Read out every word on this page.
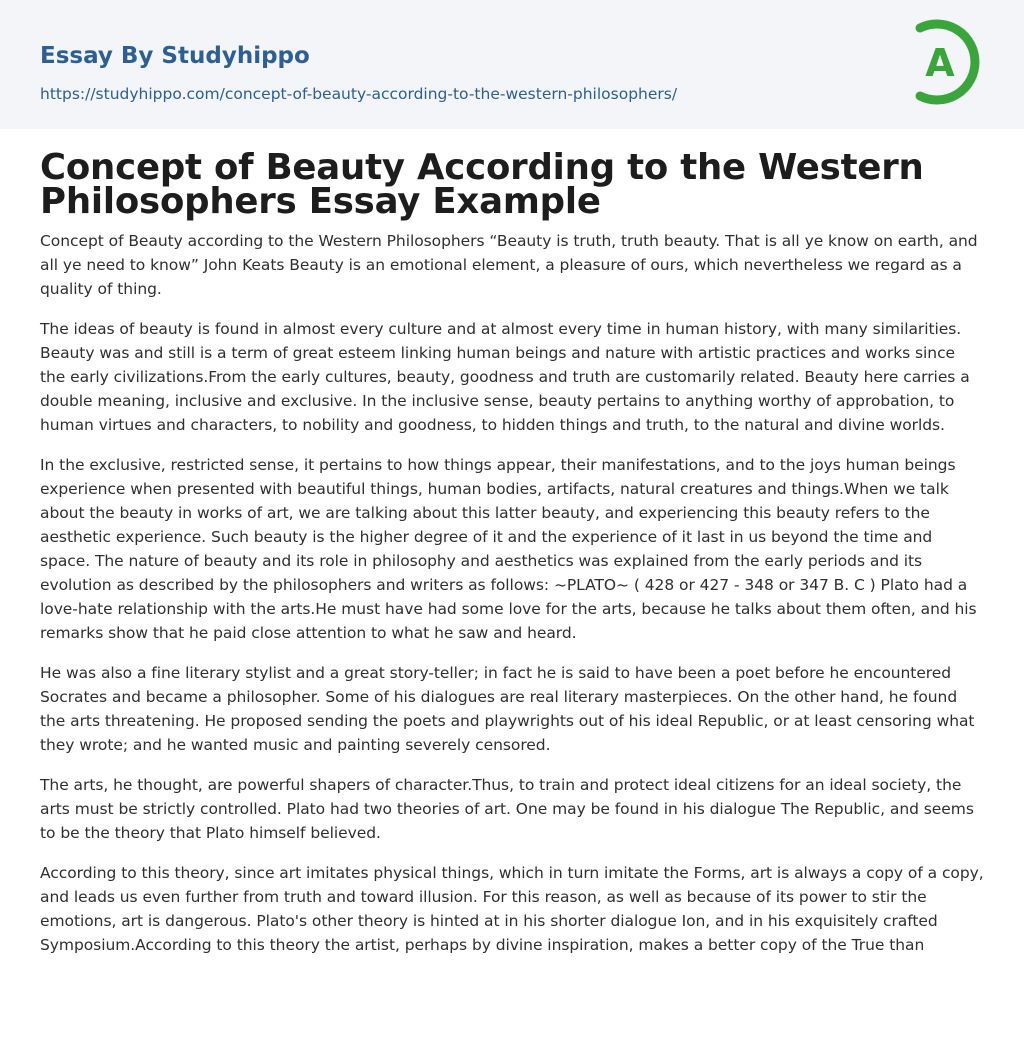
Essay By Studyhippo
https://studyhippo.com/concept-of-beauty-according-to-the-western-philosophers/
A
Concept of Beauty According to the Western Philosophers Essay Example

Concept of Beauty according to the Western Philosophers “Beauty is truth, truth beauty. That is all ye know on earth, and all ye need to know” John Keats Beauty is an emotional element, a pleasure of ours, which nevertheless we regard as a quality of thing.

The ideas of beauty is found in almost every culture and at almost every time in human history, with many similarities. Beauty was and still is a term of great esteem linking human beings and nature with artistic practices and works since the early civilizations.From the early cultures, beauty, goodness and truth are customarily related. Beauty here carries a double meaning, inclusive and exclusive. In the inclusive sense, beauty pertains to anything worthy of approbation, to human virtues and characters, to nobility and goodness, to hidden things and truth, to the natural and divine worlds.

In the exclusive, restricted sense, it pertains to how things appear, their manifestations, and to the joys human beings experience when presented with beautiful things, human bodies, artifacts, natural creatures and things.When we talk about the beauty in works of art, we are talking about this latter beauty, and experiencing this beauty refers to the aesthetic experience. Such beauty is the higher degree of it and the experience of it last in us beyond the time and space. The nature of beauty and its role in philosophy and aesthetics was explained from the early periods and its evolution as described by the philosophers and writers as follows: ~PLATO~ ( 428 or 427 - 348 or 347 B. C ) Plato had a love-hate relationship with the arts.He must have had some love for the arts, because he talks about them often, and his remarks show that he paid close attention to what he saw and heard.

He was also a fine literary stylist and a great story-teller; in fact he is said to have been a poet before he encountered Socrates and became a philosopher. Some of his dialogues are real literary masterpieces. On the other hand, he found the arts threatening. He proposed sending the poets and playwrights out of his ideal Republic, or at least censoring what they wrote; and he wanted music and painting severely censored.

The arts, he thought, are powerful shapers of character.Thus, to train and protect ideal citizens for an ideal society, the arts must be strictly controlled. Plato had two theories of art. One may be found in his dialogue The Republic, and seems to be the theory that Plato himself believed.

According to this theory, since art imitates physical things, which in turn imitate the Forms, art is always a copy of a copy, and leads us even further from truth and toward illusion. For this reason, as well as because of its power to stir the emotions, art is dangerous. Plato's other theory is hinted at in his shorter dialogue Ion, and in his exquisitely crafted Symposium.According to this theory the artist, perhaps by divine inspiration, makes a better copy of the True than
